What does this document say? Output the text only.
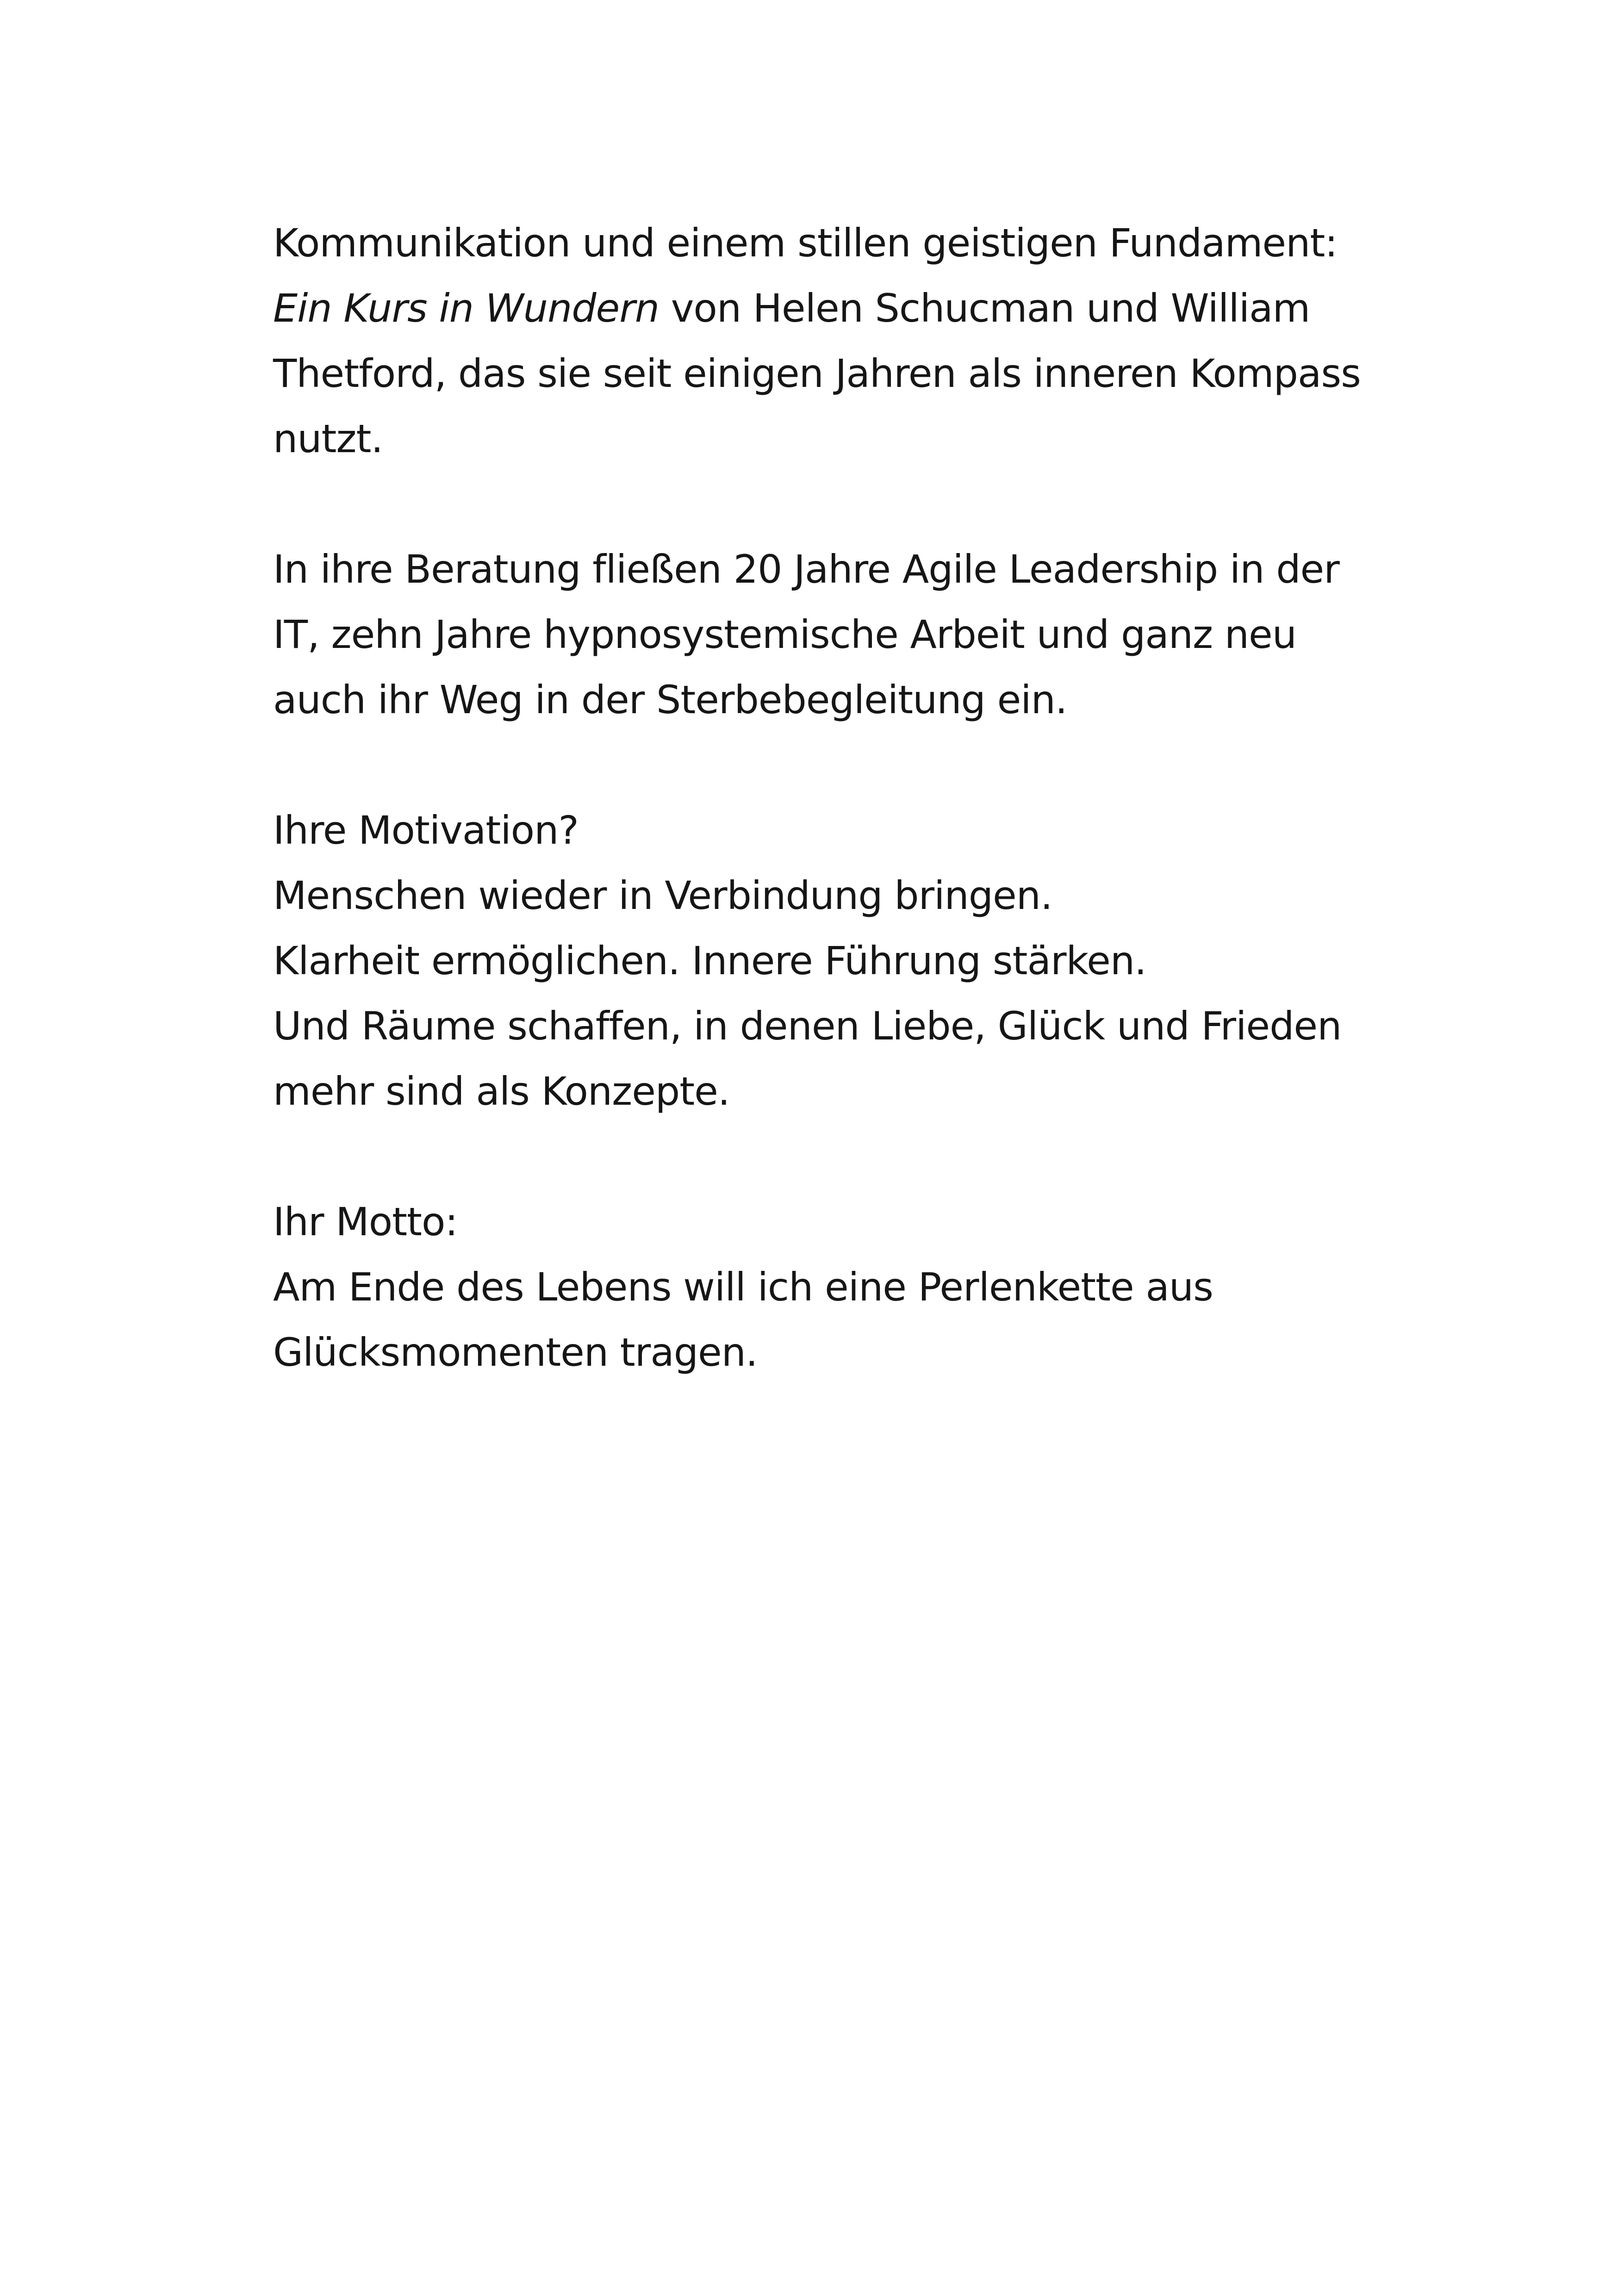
Kommunikation und einem stillen geistigen Fundament:
Ein Kurs in Wundern von Helen Schucman und William
Thetford, das sie seit einigen Jahren als inneren Kompass
nutzt.

In ihre Beratung fließen 20 Jahre Agile Leadership in der
IT, zehn Jahre hypnosystemische Arbeit und ganz neu
auch ihr Weg in der Sterbebegleitung ein.

Ihre Motivation?
Menschen wieder in Verbindung bringen.
Klarheit ermöglichen. Innere Führung stärken.
Und Räume schaffen, in denen Liebe, Glück und Frieden
mehr sind als Konzepte.

Ihr Motto:
Am Ende des Lebens will ich eine Perlenkette aus
Glücksmomenten tragen.
